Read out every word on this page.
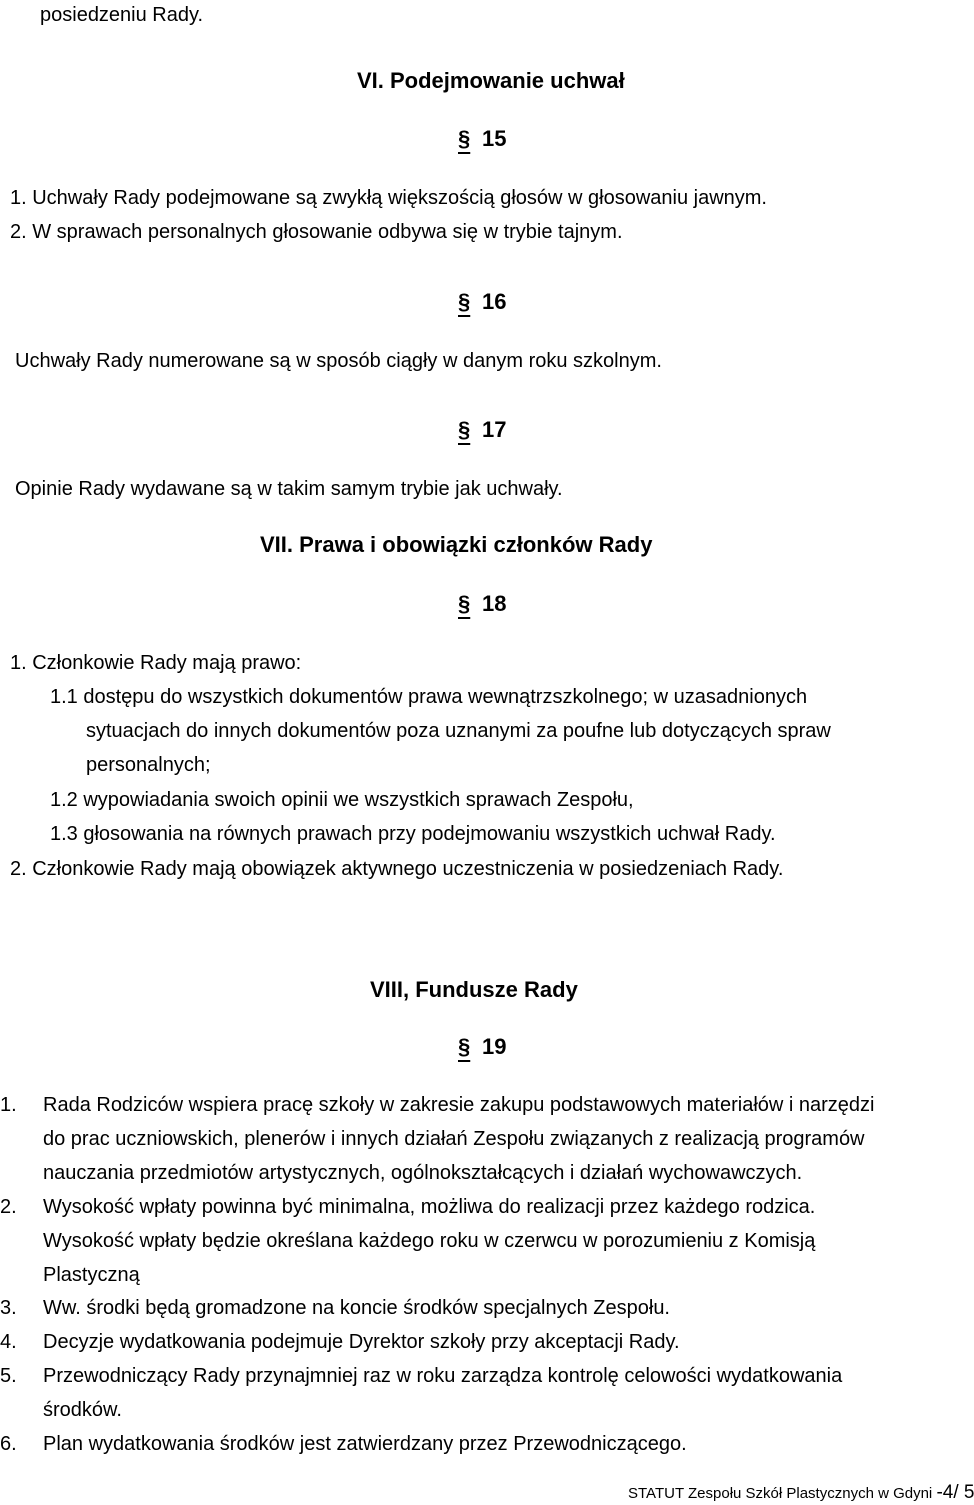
posiedzeniu Rady.
VI. Podejmowanie uchwał
§ 15
1. Uchwały Rady podejmowane są zwykłą większością głosów w głosowaniu jawnym.
2. W sprawach personalnych głosowanie odbywa się w trybie tajnym.
§ 16
Uchwały Rady numerowane są w sposób ciągły w danym roku szkolnym.
§ 17
Opinie Rady wydawane są w takim samym trybie jak uchwały.
VII. Prawa i obowiązki członków Rady
§ 18
1. Członkowie Rady mają prawo:
1.1 dostępu do wszystkich dokumentów prawa wewnątrzszkolnego; w uzasadnionych
sytuacjach do innych dokumentów poza uznanymi za poufne lub dotyczących spraw
personalnych;
1.2 wypowiadania swoich opinii we wszystkich sprawach Zespołu,
1.3 głosowania na równych prawach przy podejmowaniu wszystkich uchwał Rady.
2. Członkowie Rady mają obowiązek aktywnego uczestniczenia w posiedzeniach Rady.
VIII, Fundusze Rady
§ 19
1. Rada Rodziców wspiera pracę szkoły w zakresie zakupu podstawowych materiałów i narzędzi
do prac uczniowskich, plenerów i innych działań Zespołu związanych z realizacją programów
nauczania przedmiotów artystycznych, ogólnokształcących i działań wychowawczych.
2. Wysokość wpłaty powinna być minimalna, możliwa do realizacji przez każdego rodzica.
Wysokość wpłaty będzie określana każdego roku w czerwcu w porozumieniu z Komisją
Plastyczną
3. Ww. środki będą gromadzone na koncie środków specjalnych Zespołu.
4. Decyzje wydatkowania podejmuje Dyrektor szkoły przy akceptacji Rady.
5. Przewodniczący Rady przynajmniej raz w roku zarządza kontrolę celowości wydatkowania
środków.
6. Plan wydatkowania środków jest zatwierdzany przez Przewodniczącego.
STATUT Zespołu Szkół Plastycznych w Gdyni -4/ 5
